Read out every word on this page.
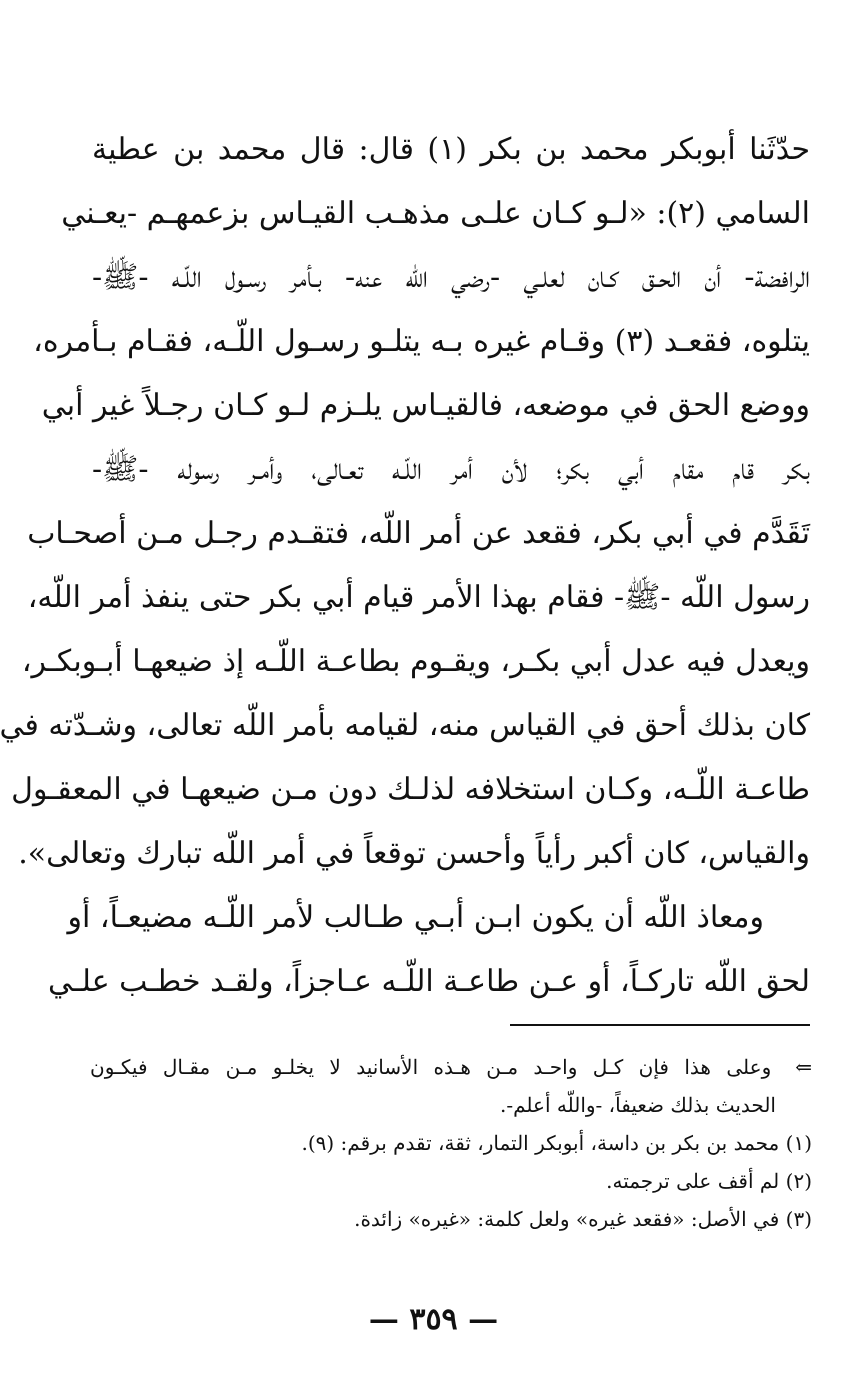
حدّثَنا أبوبكر محمد بن بكر (١) قال: قال محمد بن عطية
السامي (٢): «لـو كـان علـى مذهـب القيـاس بزعمهـم -يعـني
الرافضة- أن الحـق كـان لعلـي -رضي الله عنه- بـأمر رسـول اللّـه -ﷺ-
يتلوه، فقعـد (٣) وقـام غيره بـه يتلـو رسـول اللّـه، فقـام بـأمره،
ووضع الحق في موضعه، فالقيـاس يلـزم لـو كـان رجـلاً غير أبي
بكر قام مقام أبي بكر؛ لأن أمر اللّـه تعـالى، وأمـر رسوله -ﷺ-
تَقَدَّم في أبي بكر، فقعد عن أمر اللّه، فتقـدم رجـل مـن أصحـاب
رسول اللّه -ﷺ- فقام بهذا الأمر قيام أبي بكر حتى ينفذ أمر اللّه،
ويعدل فيه عدل أبي بكـر، ويقـوم بطاعـة اللّـه إذ ضيعهـا أبـوبكـر،
كان بذلك أحق في القياس منه، لقيامه بأمر اللّه تعالى، وشـدّته في
طاعـة اللّـه، وكـان استخلافه لذلـك دون مـن ضيعهـا في المعقـول
والقياس، كان أكبر رأياً وأحسن توقعاً في أمر اللّه تبارك وتعالى».
ومعاذ اللّه أن يكون ابـن أبـي طـالب لأمر اللّـه مضيعـاً، أو
لحق اللّه تاركـاً، أو عـن طاعـة اللّـه عـاجزاً، ولقـد خطـب علـي
⇐وعلى هذا فإن كـل واحـد مـن هـذه الأسانيد لا يخلـو مـن مقـال فيكـون
الحديث بذلك ضعيفاً، -واللّه أعلم-.
(١) محمد بن بكر بن داسة، أبوبكر التمار، ثقة، تقدم برقم: (٩).
(٢) لم أقف على ترجمته.
(٣) في الأصل: «فقعد غيره» ولعل كلمة: «غيره» زائدة.
— ٣٥٩ —
